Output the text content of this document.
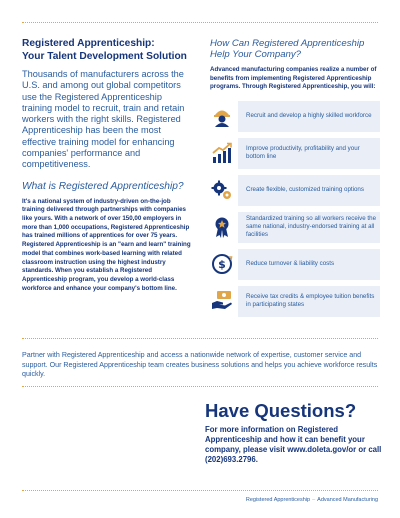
Registered Apprenticeship:
Your Talent Development Solution

Thousands of manufacturers across the U.S. and among out global competitors use the Registered Apprenticeship training model to recruit, train and retain workers with the right skills. Registered Apprenticeship has been the most effective training model for enhancing companies' performance and competitiveness.

What is Registered Apprenticeship?

It's a national system of industry-driven on-the-job training delivered through partnerships with companies like yours. With a network of over 150,00 employers in more than 1,000 occupations, Registered Apprenticeship has trained millions of apprentices for over 75 years. Registered Apprenticeship is an "earn and learn" training model that combines work-based learning with related classroom instruction using the highest industry standards. When you establish a Registered Apprenticeship program, you develop a world-class workforce and enhance your company's bottom line.

How Can Registered Apprenticeship Help Your Company?

Advanced manufacturing companies realize a number of benefits from implementing Registered Apprenticeship programs. Through Registered Apprenticeship, you will:

Recruit and develop a highly skilled workforce
Improve productivity, profitability and your bottom line
Create flexible, customized training options
Standardized training so all workers receive the same national, industry-endorsed training at all facilities
$	Reduce turnover & liability costs
Receive tax credits & employee tuition benefits in participating states

Partner with Registered Apprenticeship and access a nationwide network of expertise, customer service and support. Our Registered Apprenticeship team creates business solutions and helps you achieve workforce results quickly.

Have Questions?

For more information on Registered Apprenticeship and how it can benefit your company, please visit www.doleta.gov/or or call (202)693.2796.

Registered Apprenticeship – Advanced Manufacturing
